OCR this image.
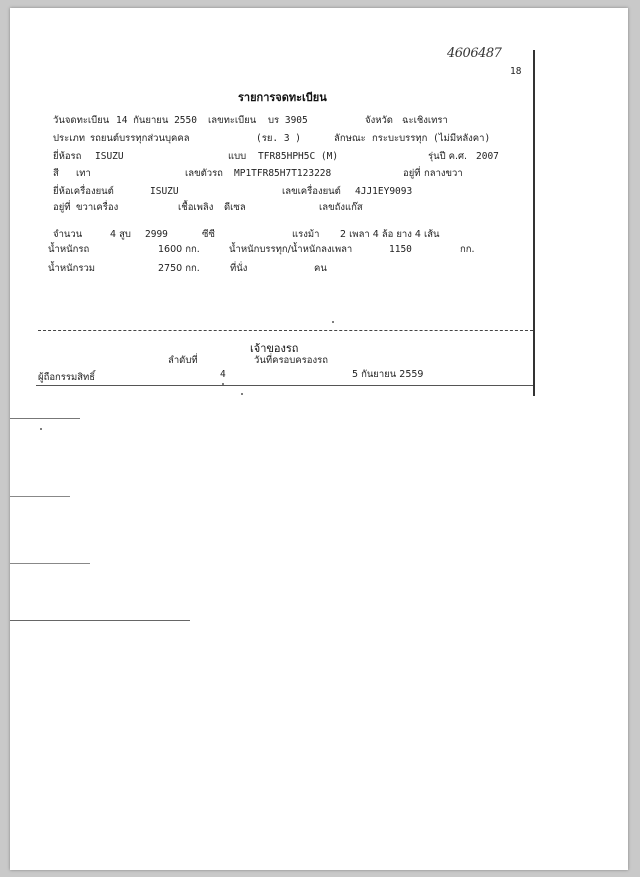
4606487
18
รายการจดทะเบียน
วันจดทะเบียน 14 กันยายน 2550 เลขทะเบียน บร 3905	จังหวัด ฉะเชิงเทรา
ประเภท รถยนต์บรรทุกส่วนบุคคล	(รย. 3 )	ลักษณะ กระบะบรรทุก (ไม่มีหลังคา)
ยี่ห้อรถ ISUZU	แบบ TFR85HPH5C (M)	รุ่นปี ค.ศ. 2007
สี เทา	เลขตัวรถ MP1TFR85H7T123228	อยู่ที่ กลางขวา
ยี่ห้อเครื่องยนต์	ISUZU	เลขเครื่องยนต์ 4JJ1EY9093
อยู่ที่ ขวาเครื่อง	เชื้อเพลิง ดีเซล	เลขถังแก๊ส
จำนวน	4 สูบ 2999	ซีซี	แรงม้า 2 เพลา 4 ล้อ ยาง 4 เส้น
น้ำหนักรถ	1600 กก.	น้ำหนักบรรทุก/น้ำหนักลงเพลา	1150	กก.
น้ำหนักรวม	2750 กก.	ที่นั่ง	คน
เจ้าของรถ
ลำดับที่	วันที่ครอบครองรถ
ผู้ถือกรรมสิทธิ์	4	5 กันยายน 2559
